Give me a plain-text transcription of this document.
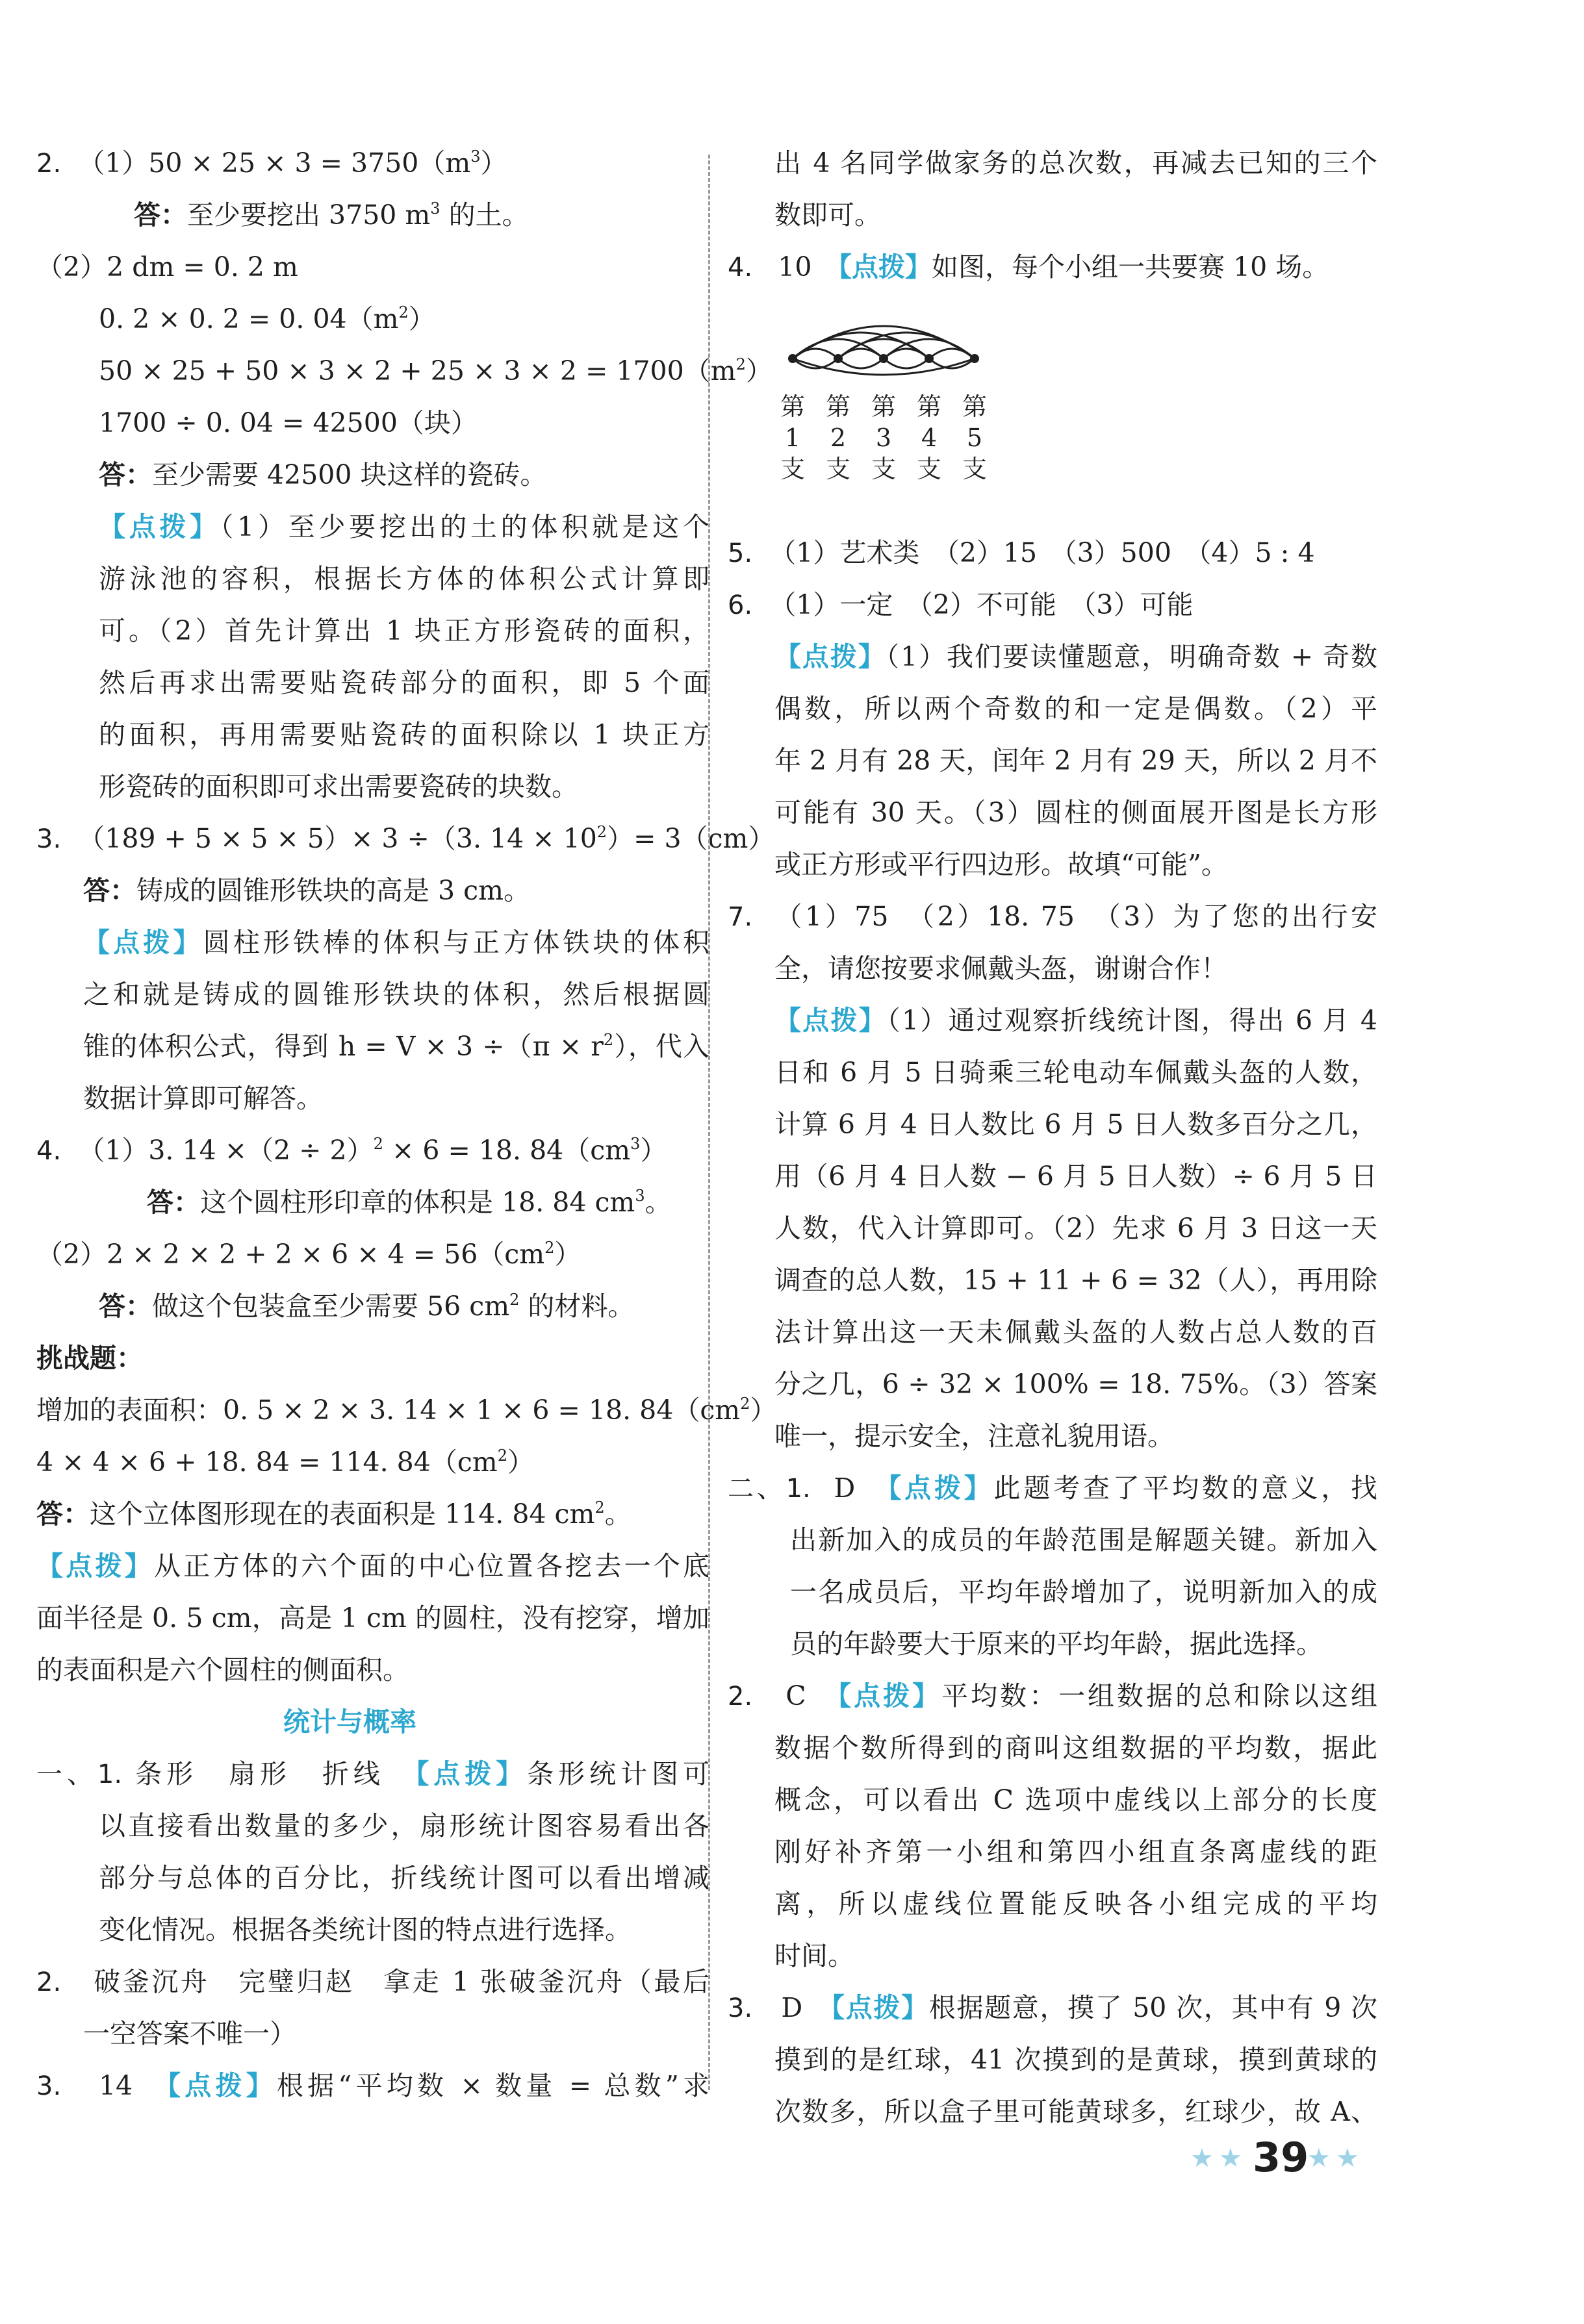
2. $(1)50 \times 25 \times 3 = 3750(m^3)$
答：至少要挖出 3750 $m^3$ 的土。
（2）2 dm = 0. 2 m
0. 2 × 0. 2 = 0. $04(m^2)$
$50 \times 25 + 50 \times 3 \times 2 + 25 \times 3 \times 2 = 1700(m^2)$
1700 ÷ 0. 04 = 42500（块）
答：至少需要 42500 块这样的瓷砖。
【点拨】（1）至少要挖出的土的体积就是这个
游泳池的容积，根据长方体的体积公式计算即
可。（2）首先计算出 1 块正方形瓷砖的面积，
然后再求出需要贴瓷砖部分的面积，即 5 个面
的面积，再用需要贴瓷砖的面积除以 1 块正方
形瓷砖的面积即可求出需要瓷砖的块数。
3. （189 + 5 × 5 × 5）× 3 ÷（3. $14 \times 10^2)= 3(cm)$
答：铸成的圆锥形铁块的高是 3 cm。
【点拨】圆柱形铁棒的体积与正方体铁块的体积
之和就是铸成的圆锥形铁块的体积，然后根据圆
锥的体积公式，得到 $h = V \times 3 \div(\pi \times r^2)$，代入
数据计算即可解答。
4. （1）3. $14 \times(2 \div 2)^2 \times 6 = 18$. $84(cm^3)$
答：这个圆柱形印章的体积是 18. 84 $cm^3$。
$(2)2 \times 2 \times 2 + 2 \times 6 \times 4 = 56(cm^2)$
答：做这个包装盒至少需要 56 $cm^2$ 的材料。
挑战题：
增加的表面积：0. 5 × 2 × 3. 14 × 1 × 6 = 18. $84(cm^2)$
4 × 4 × 6 + 18. 84 = 114. $84(cm^2)$
答：这个立体图形现在的表面积是 114. 84 $cm^2$。
【点拨】从正方体的六个面的中心位置各挖去一个底
面半径是 0. 5 cm，高是 1 cm 的圆柱，没有挖穿，增加
的表面积是六个圆柱的侧面积。
统计与概率
一、1. 条形　扇形　折线　【点拨】条形统计图可
以直接看出数量的多少，扇形统计图容易看出各
部分与总体的百分比，折线统计图可以看出增减
变化情况。根据各类统计图的特点进行选择。
2. 破釜沉舟　完璧归赵　拿走 1 张破釜沉舟（最后
一空答案不唯一）
3. 14　【点拨】根据“平均数 × 数量 = 总数”求
出 4 名同学做家务的总次数，再减去已知的三个
数即可。
4. 10　【点拨】如图，每个小组一共要赛 10 场。
第
1
支
第
2
支
第
3
支
第
4
支
第
5
支
5. （1）艺术类　（2）15　（3）500　（4）5 : 4
6. （1）一定　（2）不可能　（3）可能
【点拨】（1）我们要读懂题意，明确奇数 + 奇数
偶数，所以两个奇数的和一定是偶数。（2）平
年 2 月有 28 天，闰年 2 月有 29 天，所以 2 月不
可能有 30 天。（3）圆柱的侧面展开图是长方形
或正方形或平行四边形。故填“可能”。
7. （1）75　（2）18. 75　（3）为了您的出行安
全，请您按要求佩戴头盔，谢谢合作！
【点拨】（1）通过观察折线统计图，得出 6 月 4
日和 6 月 5 日骑乘三轮电动车佩戴头盔的人数，
计算 6 月 4 日人数比 6 月 5 日人数多百分之几，
用（6 月 4 日人数 − 6 月 5 日人数）÷ 6 月 5 日
人数，代入计算即可。（2）先求 6 月 3 日这一天
调查的总人数，15 + 11 + 6 = 32（人），再用除
法计算出这一天未佩戴头盔的人数占总人数的百
分之几，6 ÷ 32 × 100% = 18. 75%。（3）答案
唯一，提示安全，注意礼貌用语。
二、1. D　【点拨】此题考查了平均数的意义，找
出新加入的成员的年龄范围是解题关键。新加入
一名成员后，平均年龄增加了，说明新加入的成
员的年龄要大于原来的平均年龄，据此选择。
2. C　【点拨】平均数：一组数据的总和除以这组
数据个数所得到的商叫这组数据的平均数，据此
概念，可以看出 C 选项中虚线以上部分的长度
刚好补齐第一小组和第四小组直条离虚线的距
离，所以虚线位置能反映各小组完成的平均
时间。
3. D　【点拨】根据题意，摸了 50 次，其中有 9 次
摸到的是红球，41 次摸到的是黄球，摸到黄球的
次数多，所以盒子里可能黄球多，红球少，故 A、
★ ★ 39
★ ★
